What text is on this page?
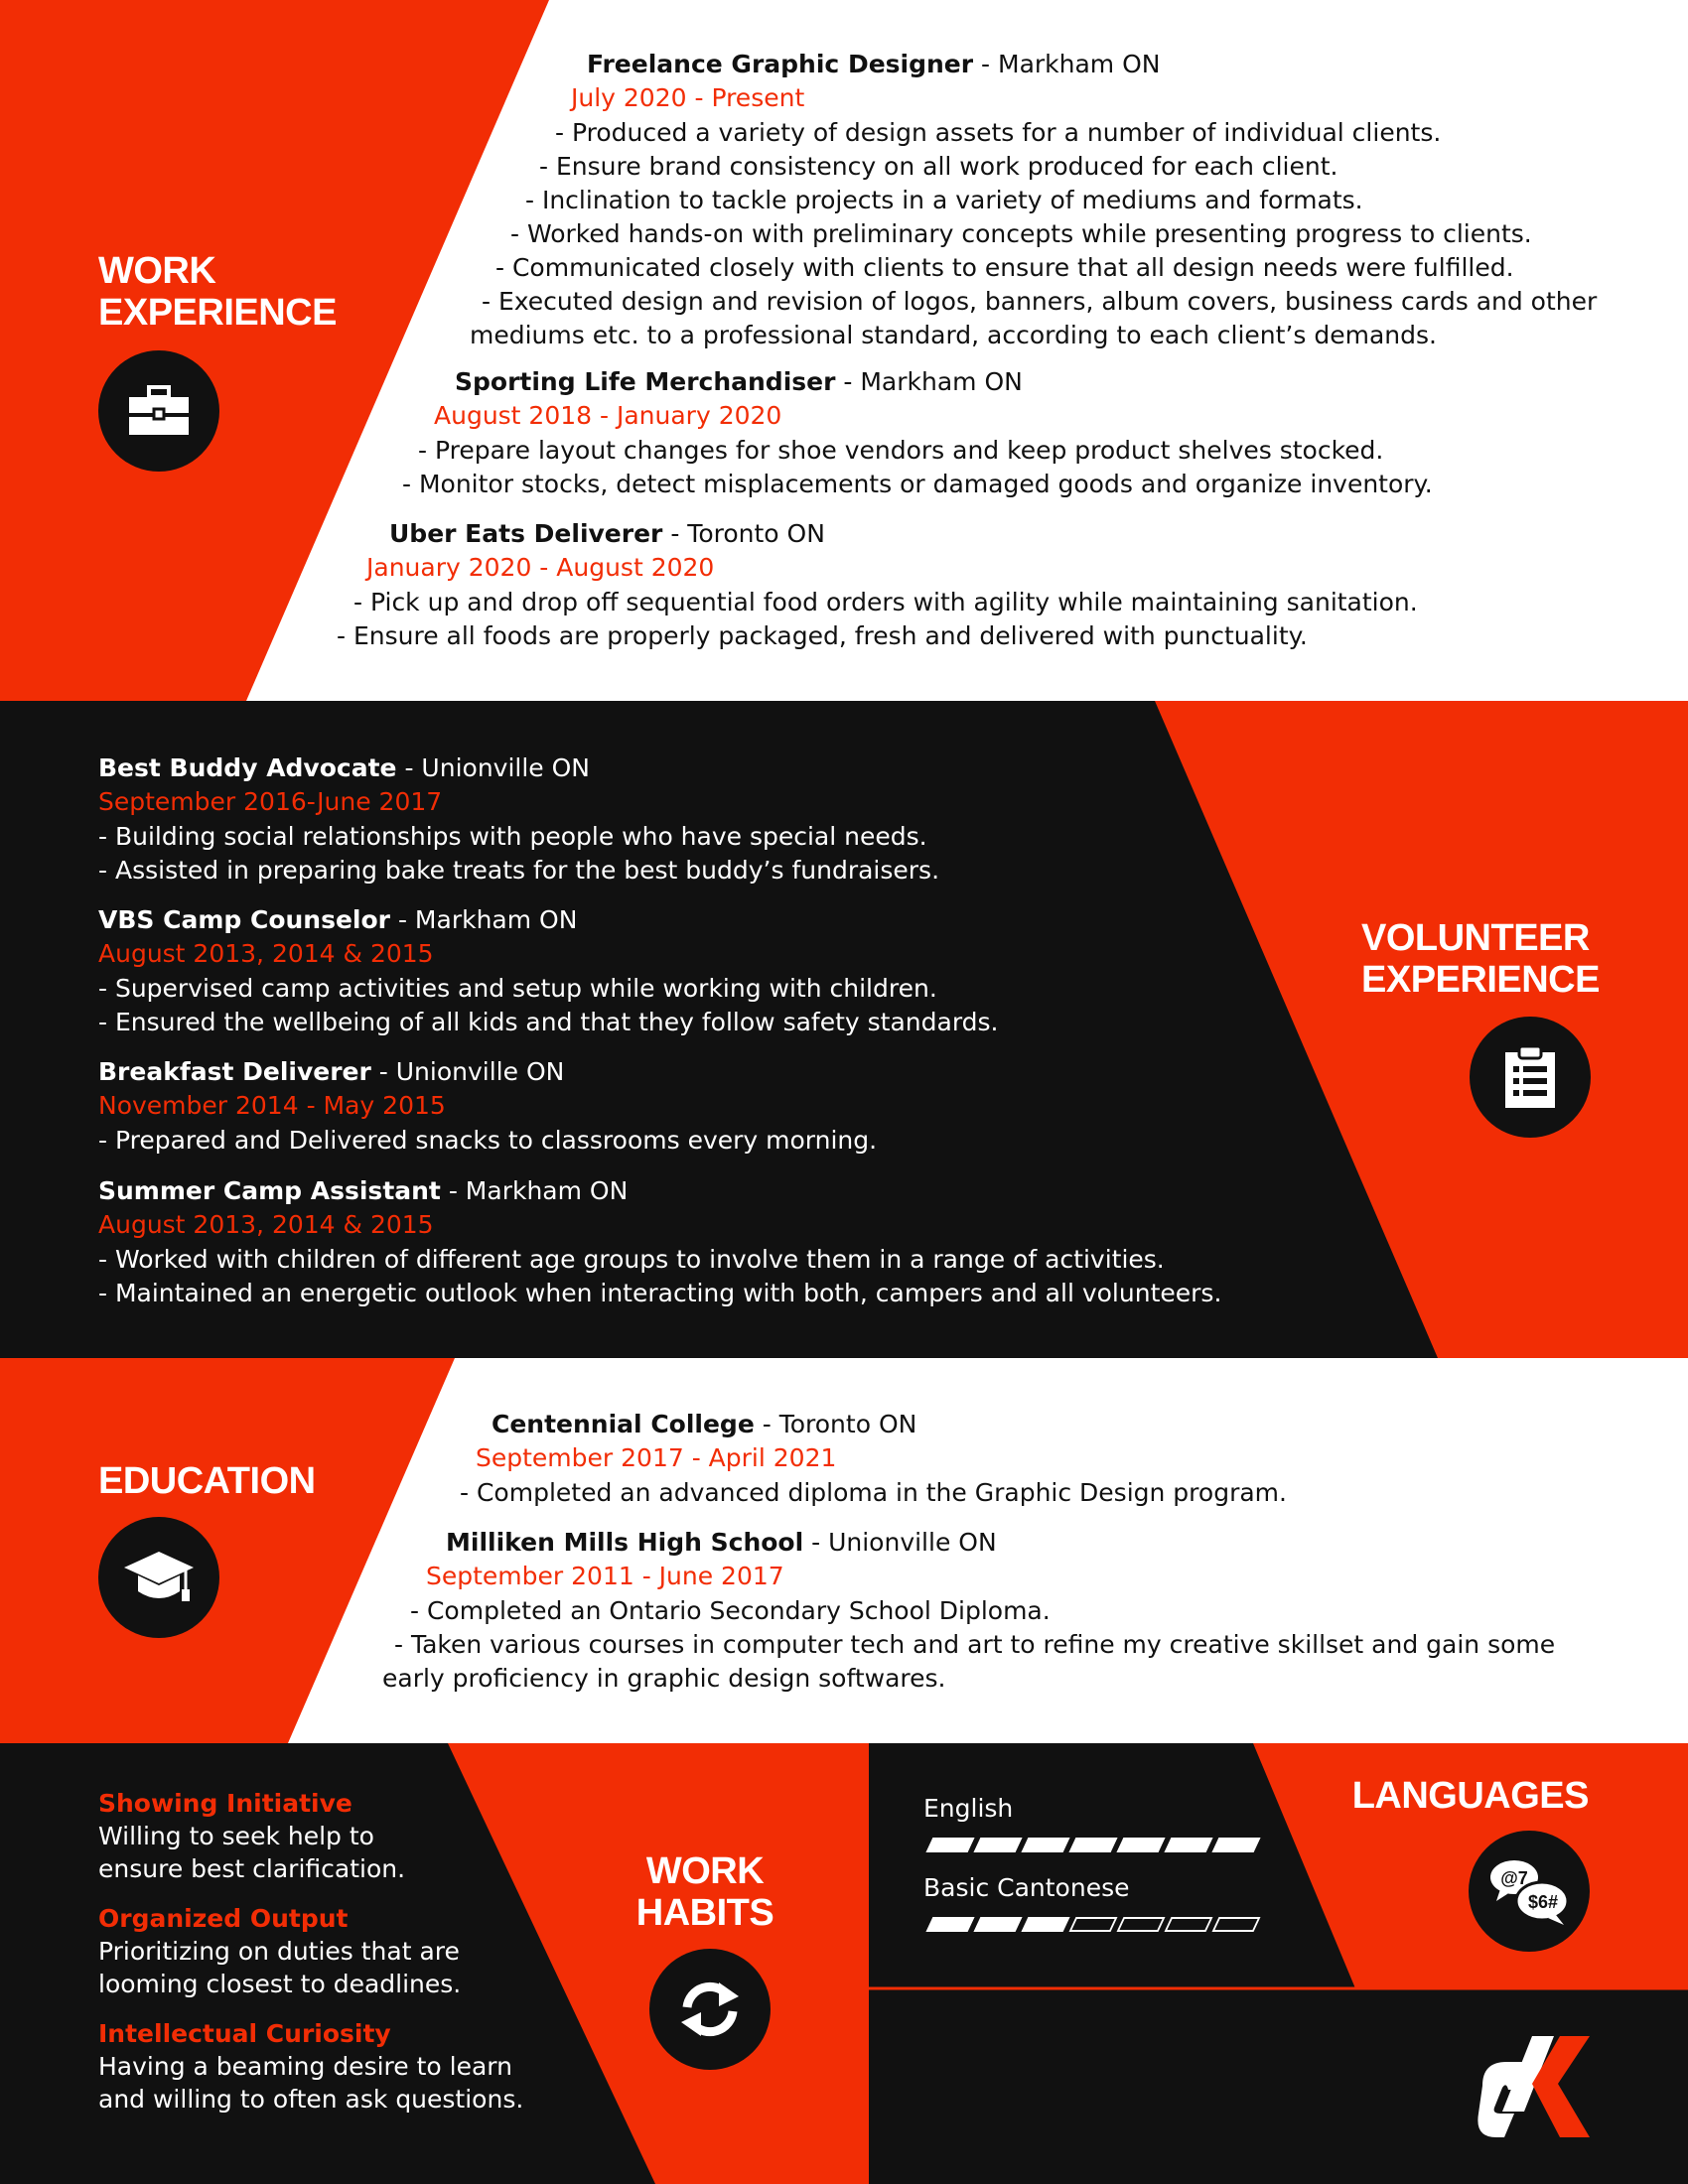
WORK
EXPERIENCE
Freelance Graphic Designer - Markham ON
July 2020 - Present
- Produced a variety of design assets for a number of individual clients.
- Ensure brand consistency on all work produced for each client.
- Inclination to tackle projects in a variety of mediums and formats.
- Worked hands-on with preliminary concepts while presenting progress to clients.
- Communicated closely with clients to ensure that all design needs were fulfilled.
- Executed design and revision of logos, banners, album covers, business cards and other
mediums etc. to a professional standard, according to each client’s demands.
Sporting Life Merchandiser - Markham ON
August 2018 - January 2020
- Prepare layout changes for shoe vendors and keep product shelves stocked.
- Monitor stocks, detect misplacements or damaged goods and organize inventory.
Uber Eats Deliverer - Toronto ON
January 2020 - August 2020
- Pick up and drop off sequential food orders with agility while maintaining sanitation.
- Ensure all foods are properly packaged, fresh and delivered with punctuality.
VOLUNTEER
EXPERIENCE
Best Buddy Advocate - Unionville ON
September 2016-June 2017
- Building social relationships with people who have special needs.
- Assisted in preparing bake treats for the best buddy’s fundraisers.
VBS Camp Counselor - Markham ON
August 2013, 2014 & 2015
- Supervised camp activities and setup while working with children.
- Ensured the wellbeing of all kids and that they follow safety standards.
Breakfast Deliverer - Unionville ON
November 2014 - May 2015
- Prepared and Delivered snacks to classrooms every morning.
Summer Camp Assistant - Markham ON
August 2013, 2014 & 2015
- Worked with children of different age groups to involve them in a range of activities.
- Maintained an energetic outlook when interacting with both, campers and all volunteers.
EDUCATION
Centennial College - Toronto ON
September 2017 - April 2021
- Completed an advanced diploma in the Graphic Design program.
Milliken Mills High School - Unionville ON
September 2011 - June 2017
- Completed an Ontario Secondary School Diploma.
- Taken various courses in computer tech and art to refine my creative skillset and gain some
early proficiency in graphic design softwares.
Showing Initiative
Willing to seek help to
ensure best clarification.
Organized Output
Prioritizing on duties that are
looming closest to deadlines.
Intellectual Curiosity
Having a beaming desire to learn
and willing to often ask questions.
WORK
HABITS
LANGUAGES
@7
$6#
English
Basic Cantonese
